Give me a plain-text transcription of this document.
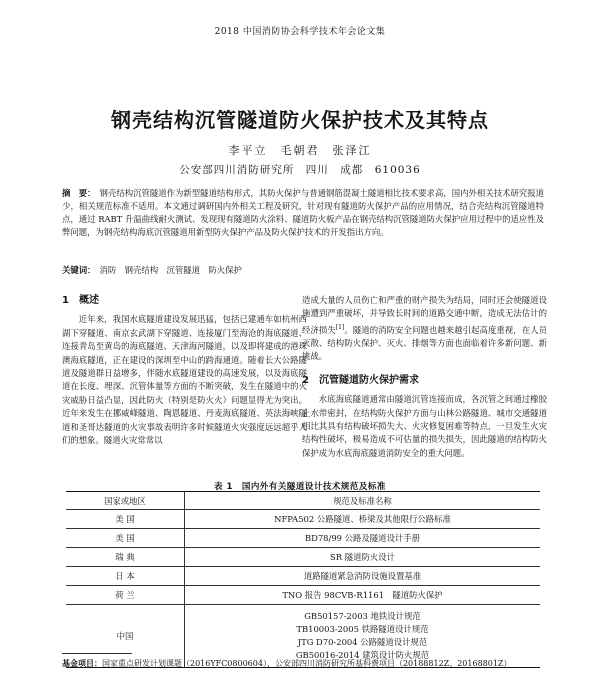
2018 中国消防协会科学技术年会论文集
钢壳结构沉管隧道防火保护技术及其特点
李平立　毛朝君　张泽江
公安部四川消防研究所　四川　成都　610036
摘　要： 钢壳结构沉管隧道作为新型隧道结构形式，其防火保护与普通钢筋混凝土隧道相比技术要求高，国内外相关技术研究报道少，相关规范标准不适用。本文通过调研国内外相关工程及研究，针对现有隧道防火保护产品的应用情况，结合壳结构沉管隧道特点，通过 RABT 升温曲线耐火测试、发现现有隧道防火涂料、隧道防火板产品在钢壳结构沉管隧道防火保护应用过程中的适应性及弊问题，为钢壳结构海底沉管隧道用新型防火保护产品及防火保护技术的开发指出方向。
关键词： 消防　钢壳结构　沉管隧道　防火保护
1　概述

近年来，我国水底隧道建设发展迅猛，包括已建通车如杭州西湖下穿隧道、南京玄武湖下穿隧道、连接厦门至海沧的海底隧道、连接青岛至黄岛的海底隧道、天津海河隧道，以及即将建成的港珠澳海底隧道，正在建设的深圳至中山的跨海通道。随着长大公路隧道及隧道群日益增多，伴随水底隧道建设的高速发展，以及海底隧道在长度、埋深、沉管体量等方面的不断突破，发生在隧道中的火灾威胁日益凸显，因此防火（特别是防火火）问题显得尤为突出。近年来发生在挪威峰隧道、陶恩隧道、丹麦海底隧道、英法海峡隧道和圣哥达隧道的火灾事故表明许多时候隧道火灾强度远远超乎人们的想象。隧道火灾常常以

造成大量的人员伤亡和严重的财产损失为结局，同时还会使隧道设施遭到严重破坏，并导致长时间的道路交通中断，造成无法估计的经济损失[1]。隧道的消防安全问题也越来越引起高度重视，在人员灭散、结构防火保护、灭火、排烟等方面也面临着许多新问题、新挑战。

2　沉管隧道防火保护需求

水底海底隧道通常由隧道沉管连接而成，各沉管之间通过橡胶止水带密封，在结构防火保护方面与山林公路隧道、城市交通隧道相比其具有结构破坏损失大、火灾修复困难等特点，一旦发生火灾结构性破坏，极易造成不可估量的损失损失，因此隧道的结构防火保护成为水底海底隧道消防安全的重大问题。

表 1　国内外有关隧道设计技术规范及标准
国家或地区	规范及标准名称
美 国	NFPA502 公路隧道、桥梁及其他限行公路标准
美 国	BD78/99 公路及隧道设计手册
瑞 典	SR 隧道防火设计
日 本	道路隧道紧急消防设施设置基准
荷 兰	TNO 报告 98CVB-R1161　隧道防火保护
中国	GB50157-2003 地铁设计规范
TB10003-2005 铁路隧道设计规范
JTG D70-2004 公路隧道设计规范
GB50016-2014 建筑设计防火规范
基金项目：国家重点研发计划课题（2016YFC0800604），公安部四川消防研究所基科费项目（20188812Z、20168801Z）
